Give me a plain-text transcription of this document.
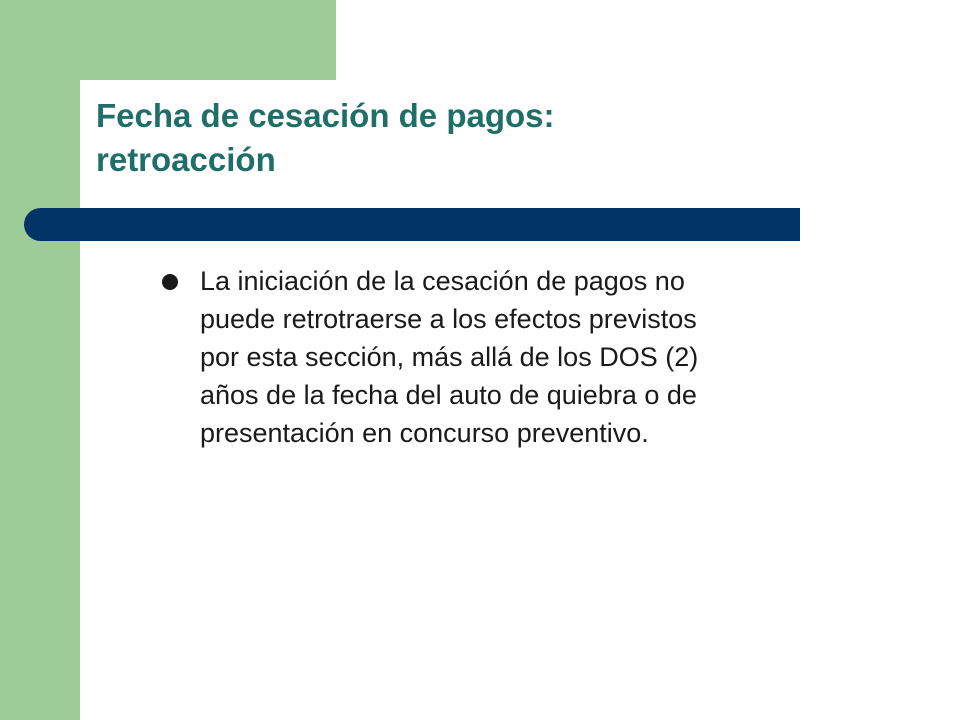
Fecha de cesación de pagos:
retroacción

La iniciación de la cesación de pagos no
puede retrotraerse a los efectos previstos
por esta sección, más allá de los DOS (2)
años de la fecha del auto de quiebra o de
presentación en concurso preventivo.
